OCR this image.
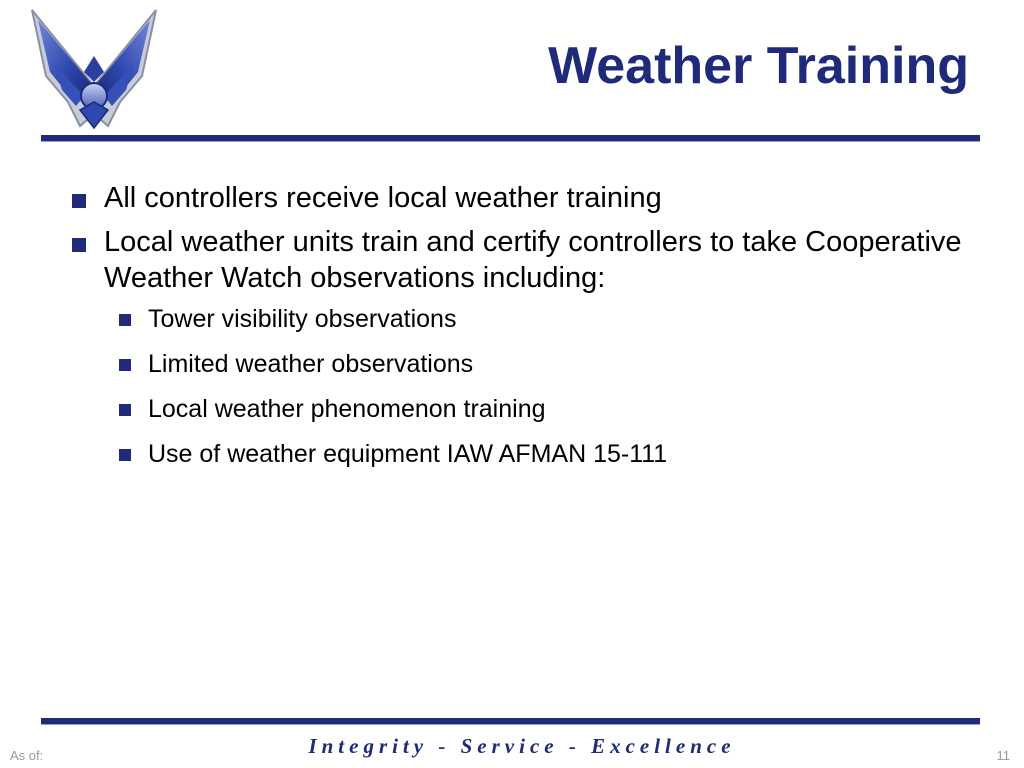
Weather Training
All controllers receive local weather training
Local weather units train and certify controllers to take Cooperative Weather Watch observations including:
Tower visibility observations
Limited weather observations
Local weather phenomenon training
Use of weather equipment IAW AFMAN 15-111
As of:	Integrity - Service - Excellence	11
